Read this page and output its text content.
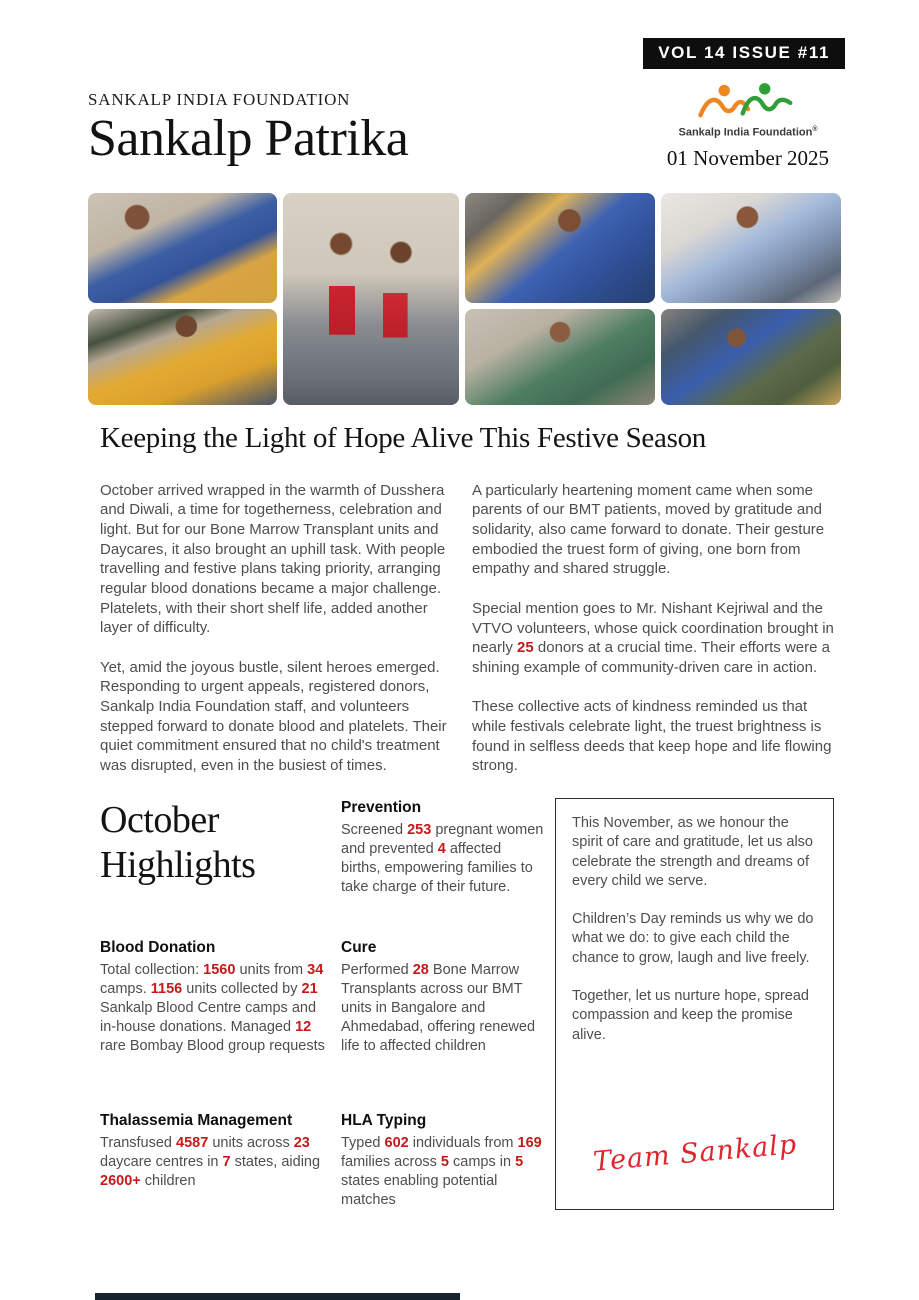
VOL 14 ISSUE #11
SANKALP INDIA FOUNDATION
Sankalp Patrika	Sankalp India Foundation®
01 November 2025
Keeping the Light of Hope Alive This Festive Season

October arrived wrapped in the warmth of Dusshera and Diwali, a time for togetherness, celebration and light. But for our Bone Marrow Transplant units and Daycares, it also brought an uphill task. With people travelling and festive plans taking priority, arranging regular blood donations became a major challenge. Platelets, with their short shelf life, added another layer of difficulty.

Yet, amid the joyous bustle, silent heroes emerged. Responding to urgent appeals, registered donors, Sankalp India Foundation staff, and volunteers stepped forward to donate blood and platelets. Their quiet commitment ensured that no child's treatment was disrupted, even in the busiest of times.

A particularly heartening moment came when some parents of our BMT patients, moved by gratitude and solidarity, also came forward to donate. Their gesture embodied the truest form of giving, one born from empathy and shared struggle.

Special mention goes to Mr. Nishant Kejriwal and the VTVO volunteers, whose quick coordination brought in nearly 25 donors at a crucial time. Their efforts were a shining example of community-driven care in action.

These collective acts of kindness reminded us that while festivals celebrate light, the truest brightness is found in selfless deeds that keep hope and life flowing strong.

October Highlights
Prevention
Screened 253 pregnant women and prevented 4 affected births, empowering families to take charge of their future.
Blood Donation
Total collection: 1560 units from 34 camps. 1156 units collected by 21 Sankalp Blood Centre camps and in-house donations. Managed 12 rare Bombay Blood group requests
Cure
Performed 28 Bone Marrow Transplants across our BMT units in Bangalore and Ahmedabad, offering renewed life to affected children
Thalassemia Management
Transfused 4587 units across 23 daycare centres in 7 states, aiding 2600+ children
HLA Typing
Typed 602 individuals from 169 families across 5 camps in 5 states enabling potential matches

This November, as we honour the spirit of care and gratitude, let us also celebrate the strength and dreams of every child we serve.

Children’s Day reminds us why we do what we do: to give each child the chance to grow, laugh and live freely.

Together, let us nurture hope, spread compassion and keep the promise alive.

Team Sankalp
